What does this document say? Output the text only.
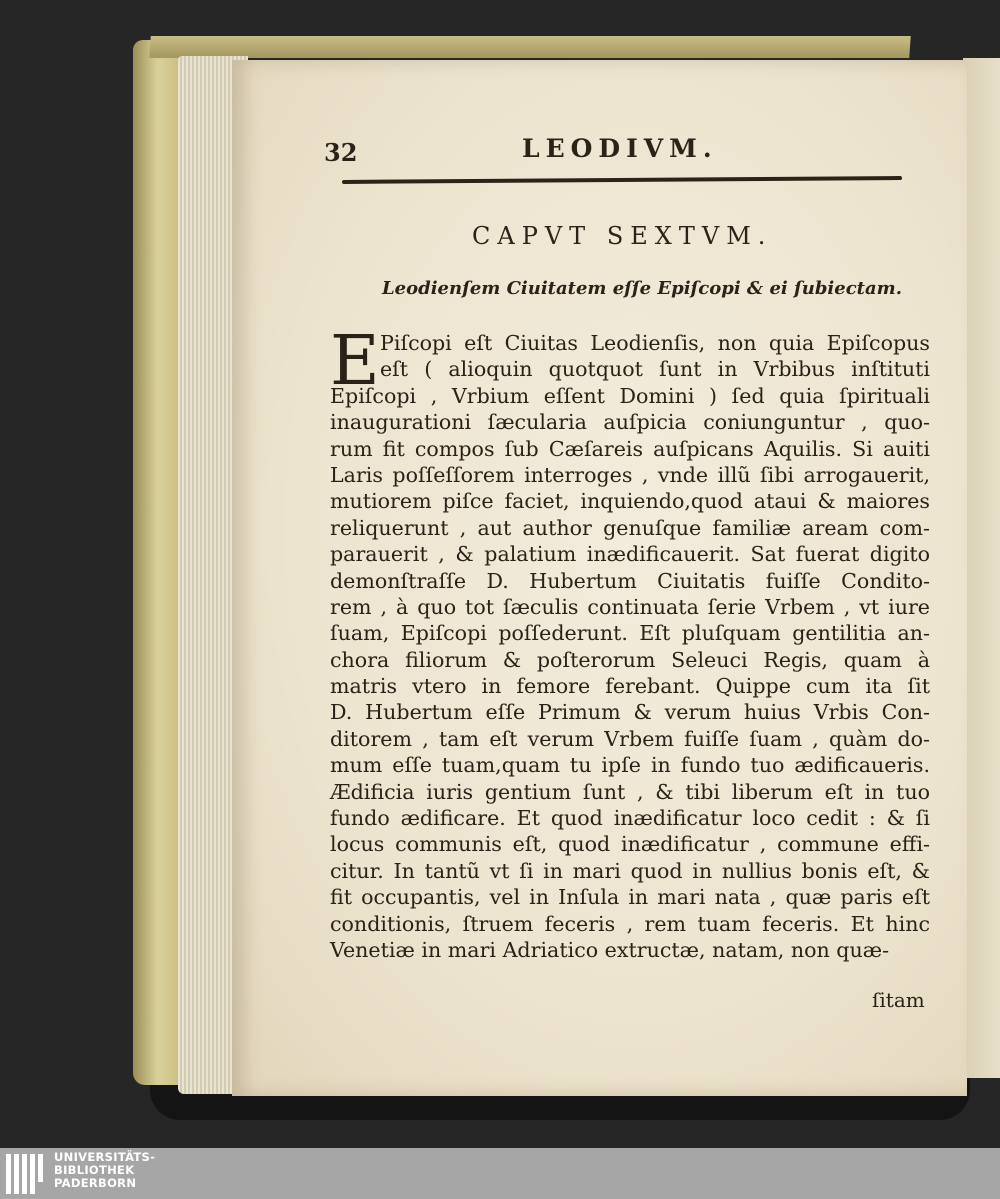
32	LEODIVM.
CAPVT SEXTVM.
Leodienſem Ciuitatem eſſe Epiſcopi & ei ſubiectam.
E Piſcopi eſt Ciuitas Leodienſis, non quia Epiſcopus
eſt ( alioquin quotquot ſunt in Vrbibus inſtituti
Epiſcopi , Vrbium eſſent Domini ) ſed quia ſpirituali
inaugurationi ſæcularia auſpicia coniunguntur , quo-
rum fit compos ſub Cæſareis auſpicans Aquilis. Si auiti
Laris poſſeſſorem interroges , vnde illũ ſibi arrogauerit,
mutiorem piſce faciet, inquiendo,quod ataui & maiores
reliquerunt , aut author genuſque familiæ aream com-
parauerit , & palatium inædificauerit. Sat fuerat digito
demonſtraſſe D. Hubertum Ciuitatis fuiſſe Condito-
rem , à quo tot ſæculis continuata ſerie Vrbem , vt iure
ſuam, Epiſcopi poſſederunt. Eſt pluſquam gentilitia an-
chora filiorum & poſterorum Seleuci Regis, quam à
matris vtero in femore ferebant. Quippe cum ita ſit
D. Hubertum eſſe Primum & verum huius Vrbis Con-
ditorem , tam eſt verum Vrbem fuiſſe ſuam , quàm do-
mum eſſe tuam,quam tu ipſe in fundo tuo ædificaueris.
Ædificia iuris gentium ſunt , & tibi liberum eſt in tuo
fundo ædificare. Et quod inædificatur loco cedit : & ſi
locus communis eſt, quod inædificatur , commune effi-
citur. In tantũ vt ſi in mari quod in nullius bonis eſt, &
fit occupantis, vel in Inſula in mari nata , quæ paris eſt
conditionis, ſtruem feceris , rem tuam feceris. Et hinc
Venetiæ in mari Adriatico extructæ, natam, non quæ-
ſitam
UNIVERSITÄTS-
BIBLIOTHEK
PADERBORN
